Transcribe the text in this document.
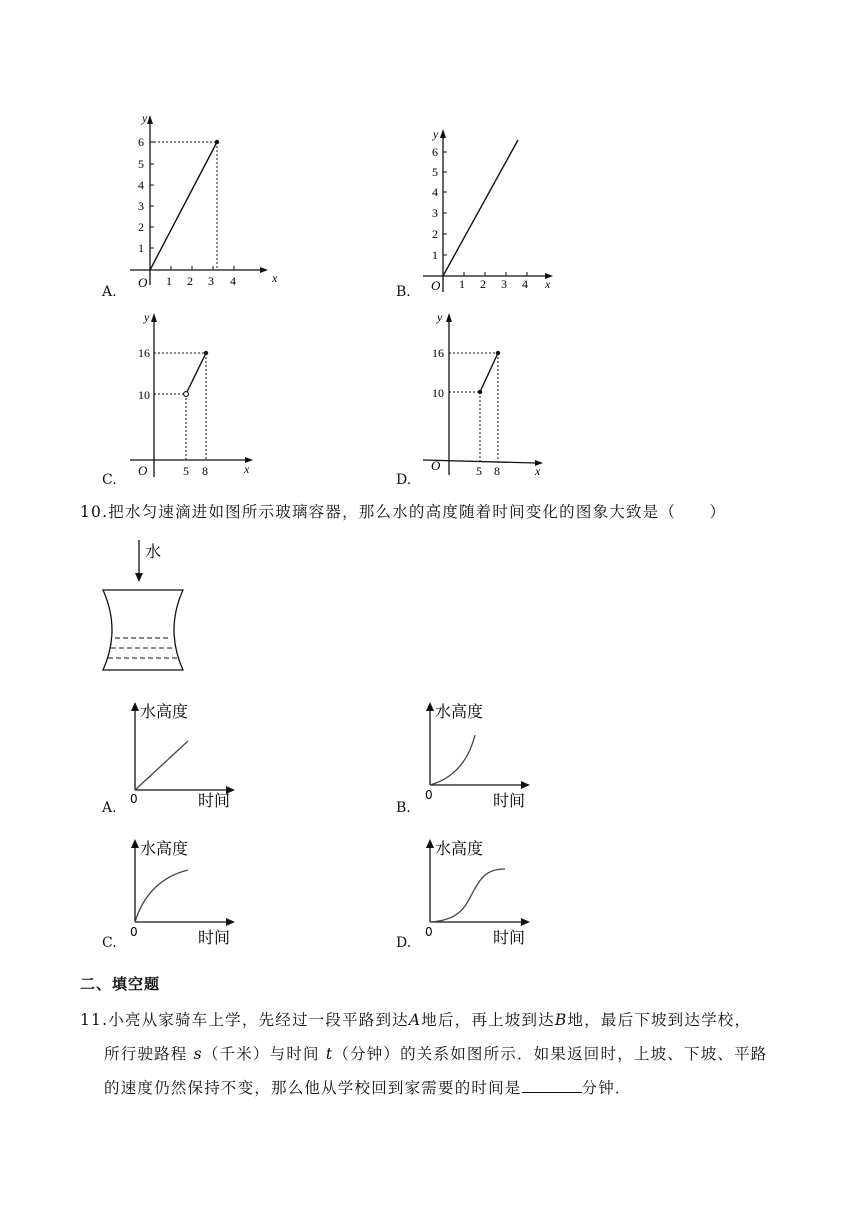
x
y
O 1 2 3 4
1
2
3
4
5
6
A.	x
y
O 1 2 3 4
1
2
3
4
5
6
B.
x
y
O	5 8
10
16
C.
x
y
O	5 8
10
16
D.
10.把水匀速滴进如图所示玻璃容器，那么水的高度随着时间变化的图象大致是（　　）
水
水高度
时间
0
A.
水高度
时间
0
B.
水高度
时间
0
C.
水高度
时间
0
D.
二、填空题
11.小亮从家骑车上学，先经过一段平路到达A地后，再上坡到达B地，最后下坡到达学校，
所行驶路程 s（千米）与时间 t（分钟）的关系如图所示．如果返回时，上坡、下坡、平路
的速度仍然保持不变，那么他从学校回到家需要的时间是	分钟．
